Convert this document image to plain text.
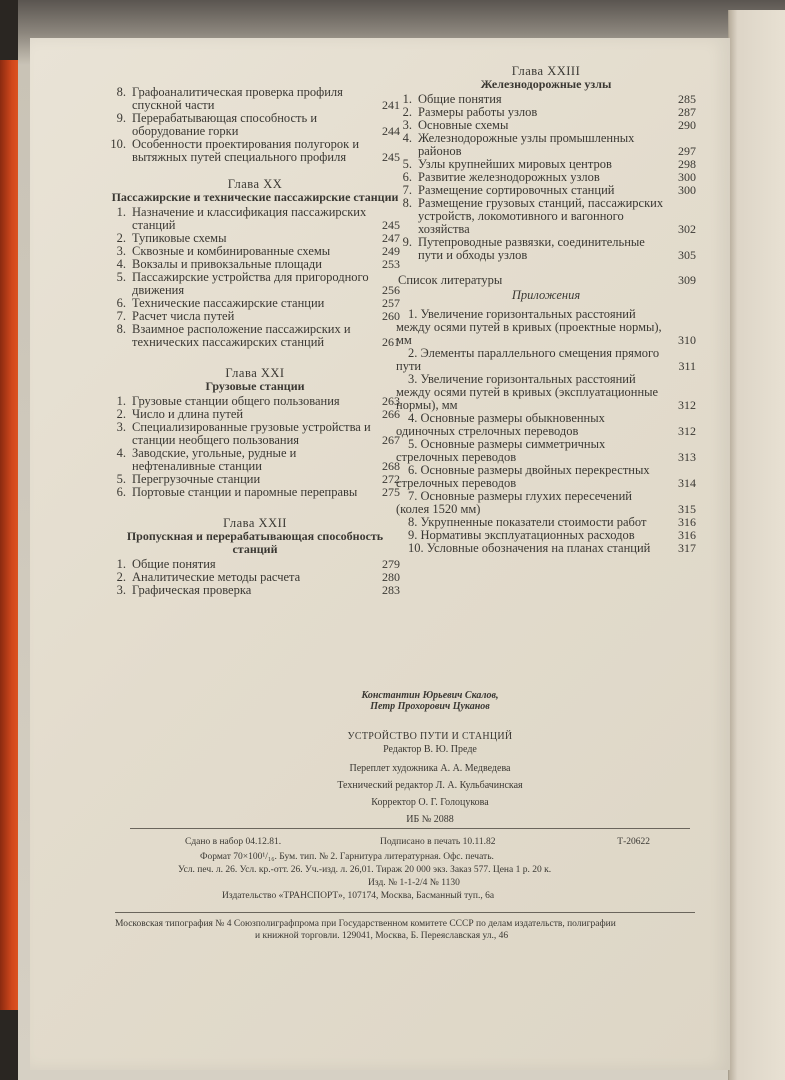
8. Графоаналитическая проверка профиля спускной части	241
9. Перерабатывающая способность и оборудование горки	244
10. Особенности проектирования полугорок и вытяжных путей специального профиля	245
Глава XX
Пассажирские и технические пассажирские станции
1. Назначение и классификация пассажирских станций	245
2. Тупиковые схемы	247
3. Сквозные и комбинированные схемы	249
4. Вокзалы и привокзальные площади	253
5. Пассажирские устройства для пригородного движения	256
6. Технические пассажирские станции	257
7. Расчет числа путей	260
8. Взаимное расположение пассажирских и технических пассажирских станций	261
Глава XXI
Грузовые станции
1. Грузовые станции общего пользования	263
2. Число и длина путей	266
3. Специализированные грузовые устройства и станции необщего пользования	267
4. Заводские, угольные, рудные и нефтеналивные станции	268
5. Перегрузочные станции	272
6. Портовые станции и паромные переправы	275
Глава XXII
Пропускная и перерабатывающая способность станций
1. Общие понятия	279
2. Аналитические методы расчета	280
3. Графическая проверка	283
Глава XXIII
Железнодорожные узлы
1. Общие понятия	285
2. Размеры работы узлов	287
3. Основные схемы	290
4. Железнодорожные узлы промышленных районов	297
5. Узлы крупнейших мировых центров	298
6. Развитие железнодорожных узлов	300
7. Размещение сортировочных станций	300
8. Размещение грузовых станций, пассажирских устройств, локомотивного и вагонного хозяйства	302
9. Путепроводные развязки, соединительные пути и обходы узлов	305
Список литературы	309
Приложения
1. Увеличение горизонтальных расстояний между осями путей в кривых (проектные нормы), мм	310
2. Элементы параллельного смещения прямого пути	311
3. Увеличение горизонтальных расстояний между осями путей в кривых (эксплуатационные нормы), мм	312
4. Основные размеры обыкновенных одиночных стрелочных переводов	312
5. Основные размеры симметричных стрелочных переводов	313
6. Основные размеры двойных перекрестных стрелочных переводов	314
7. Основные размеры глухих пересечений (колея 1520 мм)	315
8. Укрупненные показатели стоимости работ	316
9. Нормативы эксплуатационных расходов	316
10. Условные обозначения на планах станций 317
Константин Юрьевич Скалов,
Петр Прохорович Цуканов
УСТРОЙСТВО ПУТИ И СТАНЦИЙ
Редактор В. Ю. Преде
Переплет художника А. А. Медведева
Технический редактор Л. А. Кульбачинская
Корректор О. Г. Голоцукова
ИБ № 2088
Сдано в набор 04.12.81.	Подписано в печать 10.11.82	Т-20622
Формат 70×100¹/₁₆. Бум. тип. № 2. Гарнитура литературная. Офс. печать.
Усл. печ. л. 26. Усл. кр.-отт. 26. Уч.-изд. л. 26,01. Тираж 20 000 экз. Заказ 577. Цена 1 р. 20 к.
Изд. № 1-1-2/4 № 1130
Издательство «ТРАНСПОРТ», 107174, Москва, Басманный туп., 6а
Московская типография № 4 Союзполиграфпрома при Государственном комитете СССР по делам издательств, полиграфии
и книжной торговли. 129041, Москва, Б. Переяславская ул., 46
